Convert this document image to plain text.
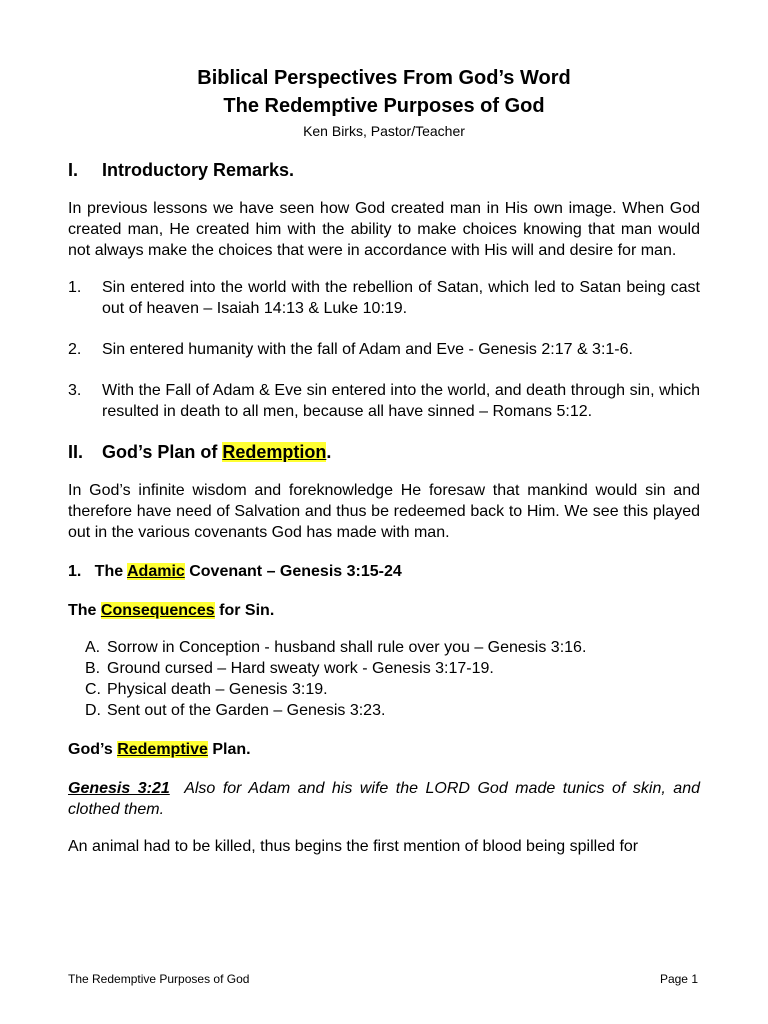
Biblical Perspectives From God’s Word
The Redemptive Purposes of God

Ken Birks, Pastor/Teacher

I.	Introductory Remarks.

In previous lessons we have seen how God created man in His own image. When God created man, He created him with the ability to make choices knowing that man would not always make the choices that were in accordance with His will and desire for man.

1.	Sin entered into the world with the rebellion of Satan, which led to Satan being cast out of heaven – Isaiah 14:13 & Luke 10:19.
2.	Sin entered humanity with the fall of Adam and Eve - Genesis 2:17 & 3:1-6.
3.	With the Fall of Adam & Eve sin entered into the world, and death through sin, which resulted in death to all men, because all have sinned – Romans 5:12.
II.	God’s Plan of Redemption.

In God’s infinite wisdom and foreknowledge He foresaw that mankind would sin and therefore have need of Salvation and thus be redeemed back to Him. We see this played out in the various covenants God has made with man.

1.   The Adamic Covenant – Genesis 3:15-24
The Consequences for Sin.
A. Sorrow in Conception - husband shall rule over you – Genesis 3:16.
B. Ground cursed – Hard sweaty work - Genesis 3:17-19.
C. Physical death – Genesis 3:19.
D. Sent out of the Garden – Genesis 3:23.
God’s Redemptive Plan.

Genesis 3:21  Also for Adam and his wife the LORD God made tunics of skin, and clothed them.

An animal had to be killed, thus begins the first mention of blood being spilled for

The Redemptive Purposes of God	Page 1
